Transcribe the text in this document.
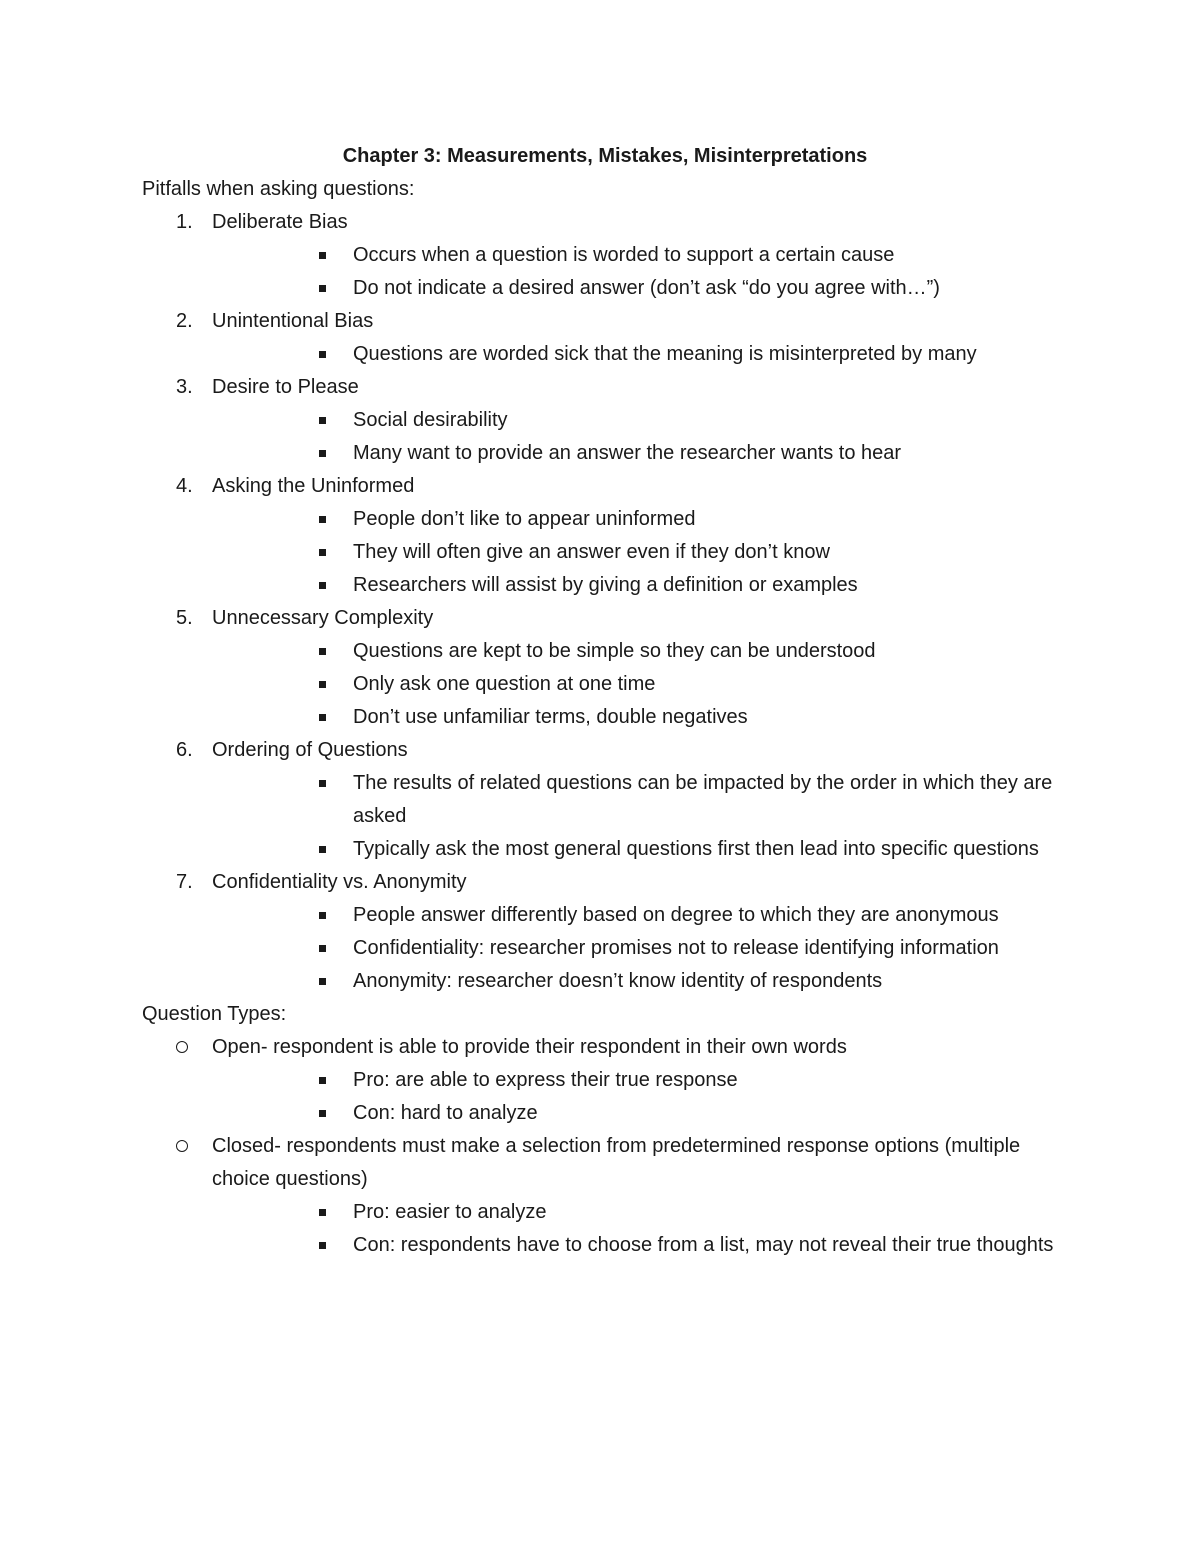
Chapter 3: Measurements, Mistakes, Misinterpretations
Pitfalls when asking questions:
1. Deliberate Bias
Occurs when a question is worded to support a certain cause
Do not indicate a desired answer (don’t ask “do you agree with…”)
2. Unintentional Bias
Questions are worded sick that the meaning is misinterpreted by many
3. Desire to Please
Social desirability
Many want to provide an answer the researcher wants to hear
4. Asking the Uninformed
People don’t like to appear uninformed
They will often give an answer even if they don’t know
Researchers will assist by giving a definition or examples
5. Unnecessary Complexity
Questions are kept to be simple so they can be understood
Only ask one question at one time
Don’t use unfamiliar terms, double negatives
6. Ordering of Questions
The results of related questions can be impacted by the order in which they are asked
Typically ask the most general questions first then lead into specific questions
7. Confidentiality vs. Anonymity
People answer differently based on degree to which they are anonymous
Confidentiality: researcher promises not to release identifying information
Anonymity: researcher doesn’t know identity of respondents
Question Types:
Open- respondent is able to provide their respondent in their own words
Pro: are able to express their true response
Con: hard to analyze
Closed- respondents must make a selection from predetermined response options (multiple choice questions)
Pro: easier to analyze
Con: respondents have to choose from a list, may not reveal their true thoughts
